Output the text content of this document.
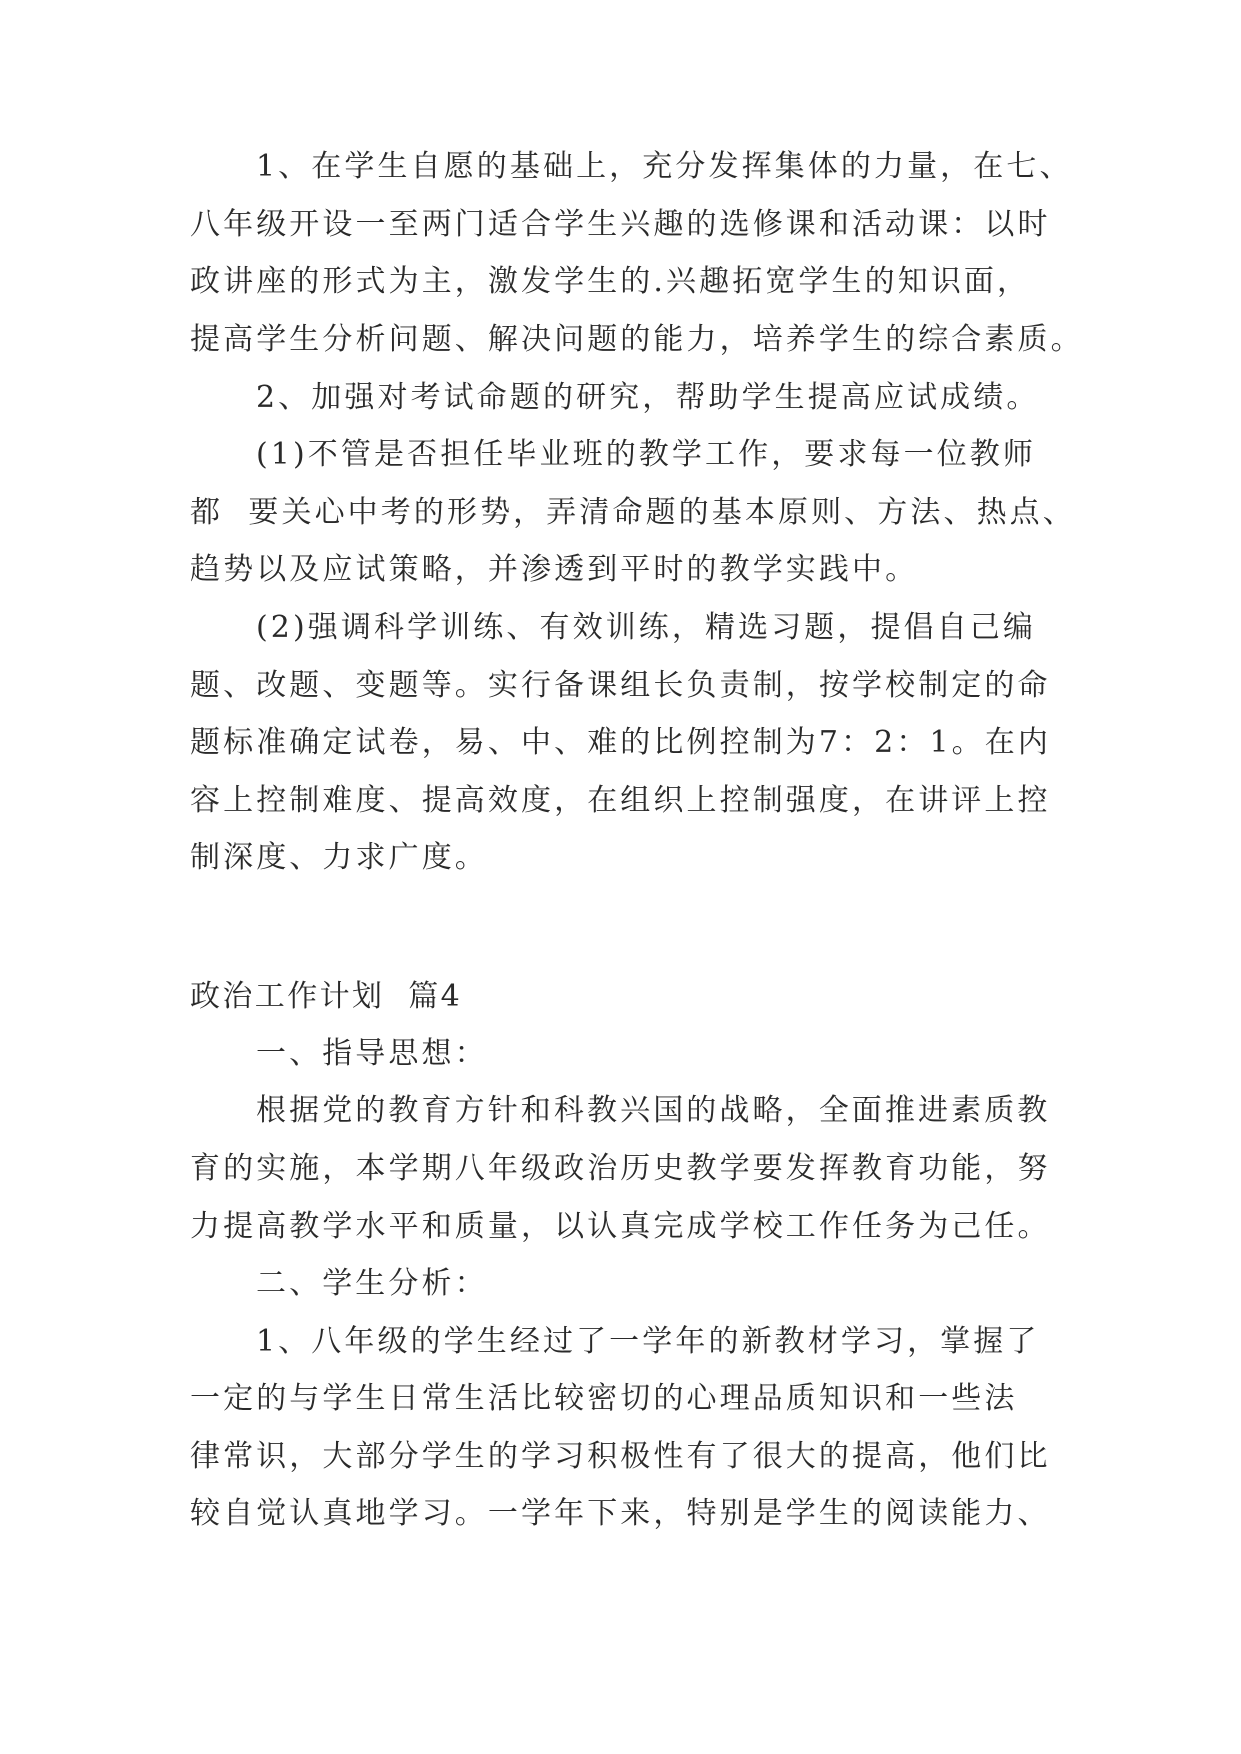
1、在学生自愿的基础上，充分发挥集体的力量，在七、

八年级开设一至两门适合学生兴趣的选修课和活动课：以时

政讲座的形式为主，激发学生的.兴趣拓宽学生的知识面，

提高学生分析问题、解决问题的能力，培养学生的综合素质。

2、加强对考试命题的研究，帮助学生提高应试成绩。

(1)不管是否担任毕业班的教学工作，要求每一位教师

都  要关心中考的形势，弄清命题的基本原则、方法、热点、

趋势以及应试策略，并渗透到平时的教学实践中。

(2)强调科学训练、有效训练，精选习题，提倡自己编

题、改题、变题等。实行备课组长负责制，按学校制定的命

题标准确定试卷，易、中、难的比例控制为7：2：1。在内

容上控制难度、提高效度，在组织上控制强度，在讲评上控

制深度、力求广度。

政治工作计划  篇4

一、指导思想：

根据党的教育方针和科教兴国的战略，全面推进素质教

育的实施，本学期八年级政治历史教学要发挥教育功能，努

力提高教学水平和质量，以认真完成学校工作任务为己任。

二、学生分析：

1、八年级的学生经过了一学年的新教材学习，掌握了

一定的与学生日常生活比较密切的心理品质知识和一些法

律常识，大部分学生的学习积极性有了很大的提高，他们比

较自觉认真地学习。一学年下来，特别是学生的阅读能力、
